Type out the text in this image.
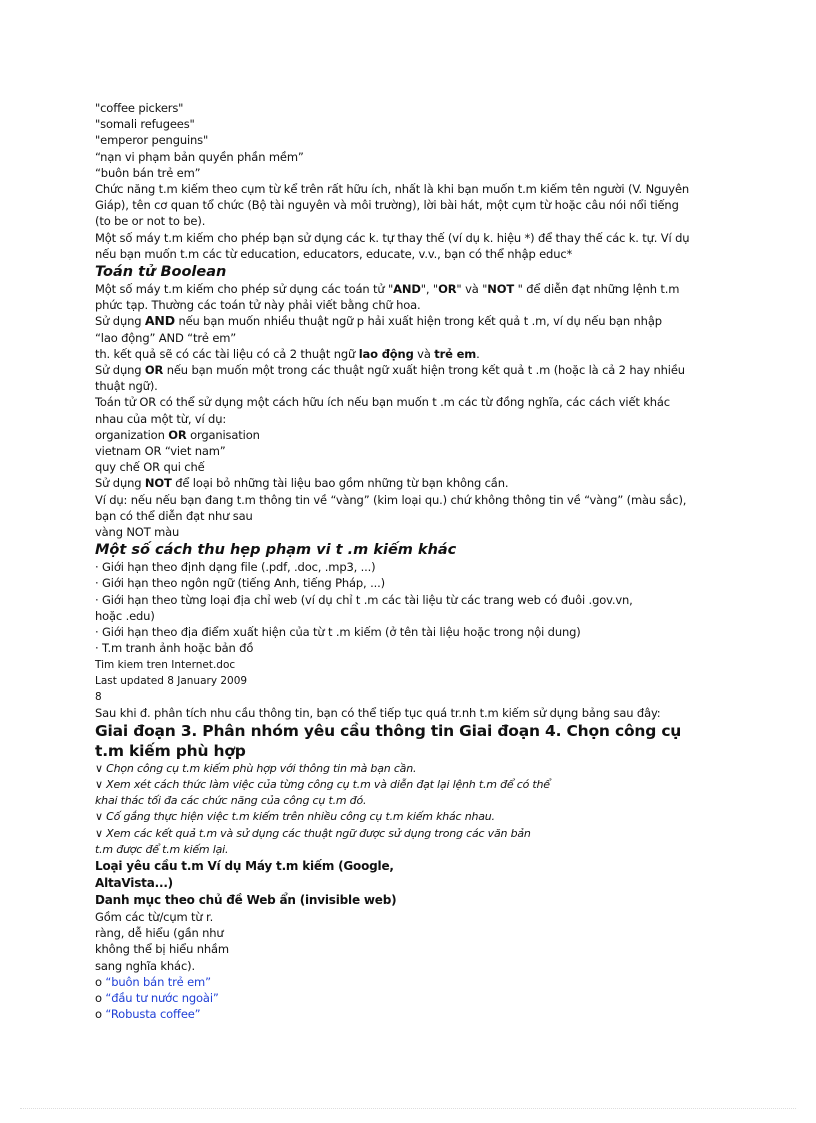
"coffee pickers"
"somali refugees"
"emperor penguins"
“nạn vi phạm bản quyền phần mềm”
“buôn bán trẻ em”
Chức năng t.m kiếm theo cụm từ kể trên rất hữu ích, nhất là khi bạn muốn t.m kiếm tên người (V. Nguyên Giáp), tên cơ quan tổ chức (Bộ tài nguyên và môi trường), lời bài hát, một cụm từ hoặc câu nói nổi tiếng (to be or not to be).
Một số máy t.m kiếm cho phép bạn sử dụng các k. tự thay thế (ví dụ k. hiệu *) để thay thế các k. tự. Ví dụ nếu bạn muốn t.m các từ education, educators, educate, v.v., bạn có thể nhập educ*
Toán tử Boolean
Một số máy t.m kiếm cho phép sử dụng các toán tử "AND", "OR" và "NOT " để diễn đạt những lệnh t.m phức tạp. Thường các toán tử này phải viết bằng chữ hoa.
Sử dụng AND nếu bạn muốn nhiều thuật ngữ p hải xuất hiện trong kết quả t .m, ví dụ nếu bạn nhập “lao động” AND “trẻ em”
th. kết quả sẽ có các tài liệu có cả 2 thuật ngữ lao động và trẻ em.
Sử dụng OR nếu bạn muốn một trong các thuật ngữ xuất hiện trong kết quả t .m (hoặc là cả 2 hay nhiều thuật ngữ).
Toán tử OR có thể sử dụng một cách hữu ích nếu bạn muốn t .m các từ đồng nghĩa, các cách viết khác nhau của một từ, ví dụ:
organization OR organisation
vietnam OR “viet nam”
quy chế OR qui chế
Sử dụng NOT để loại bỏ những tài liệu bao gồm những từ bạn không cần.
Ví dụ: nếu nếu bạn đang t.m thông tin về “vàng” (kim loại qu.) chứ không thông tin về “vàng” (màu sắc), bạn có thể diễn đạt như sau
vàng NOT màu
Một số cách thu hẹp phạm vi t .m kiếm khác
· Giới hạn theo định dạng file (.pdf, .doc, .mp3, ...)
· Giới hạn theo ngôn ngữ (tiếng Anh, tiếng Pháp, ...)
· Giới hạn theo từng loại địa chỉ web (ví dụ chỉ t .m các tài liệu từ các trang web có đuôi .gov.vn, hoặc .edu)
· Giới hạn theo địa điểm xuất hiện của từ t .m kiếm (ở tên tài liệu hoặc trong nội dung)
· T.m tranh ảnh hoặc bản đồ
Tim kiem tren Internet.doc
Last updated 8 January 2009
8
Sau khi đ. phân tích nhu cầu thông tin, bạn có thể tiếp tục quá tr.nh t.m kiếm sử dụng bảng sau đây:
Giai đoạn 3. Phân nhóm yêu cầu thông tin Giai đoạn 4. Chọn công cụ t.m kiếm phù hợp
∨ Chọn công cụ t.m kiếm phù hợp với thông tin mà bạn cần.
∨ Xem xét cách thức làm việc của từng công cụ t.m và diễn đạt lại lệnh t.m để có thể
khai thác tối đa các chức năng của công cụ t.m đó.
∨ Cố gắng thực hiện việc t.m kiếm trên nhiều công cụ t.m kiếm khác nhau.
∨ Xem các kết quả t.m và sử dụng các thuật ngữ được sử dụng trong các văn bản
t.m được để t.m kiếm lại.
Loại yêu cầu t.m Ví dụ Máy t.m kiếm (Google,
AltaVista...)
Danh mục theo chủ đề Web ẩn (invisible web)
Gồm các từ/cụm từ r.
ràng, dễ hiểu (gần như
không thể bị hiểu nhầm
sang nghĩa khác).
o “buôn bán trẻ em”
o “đầu tư nước ngoài”
o “Robusta coffee”
